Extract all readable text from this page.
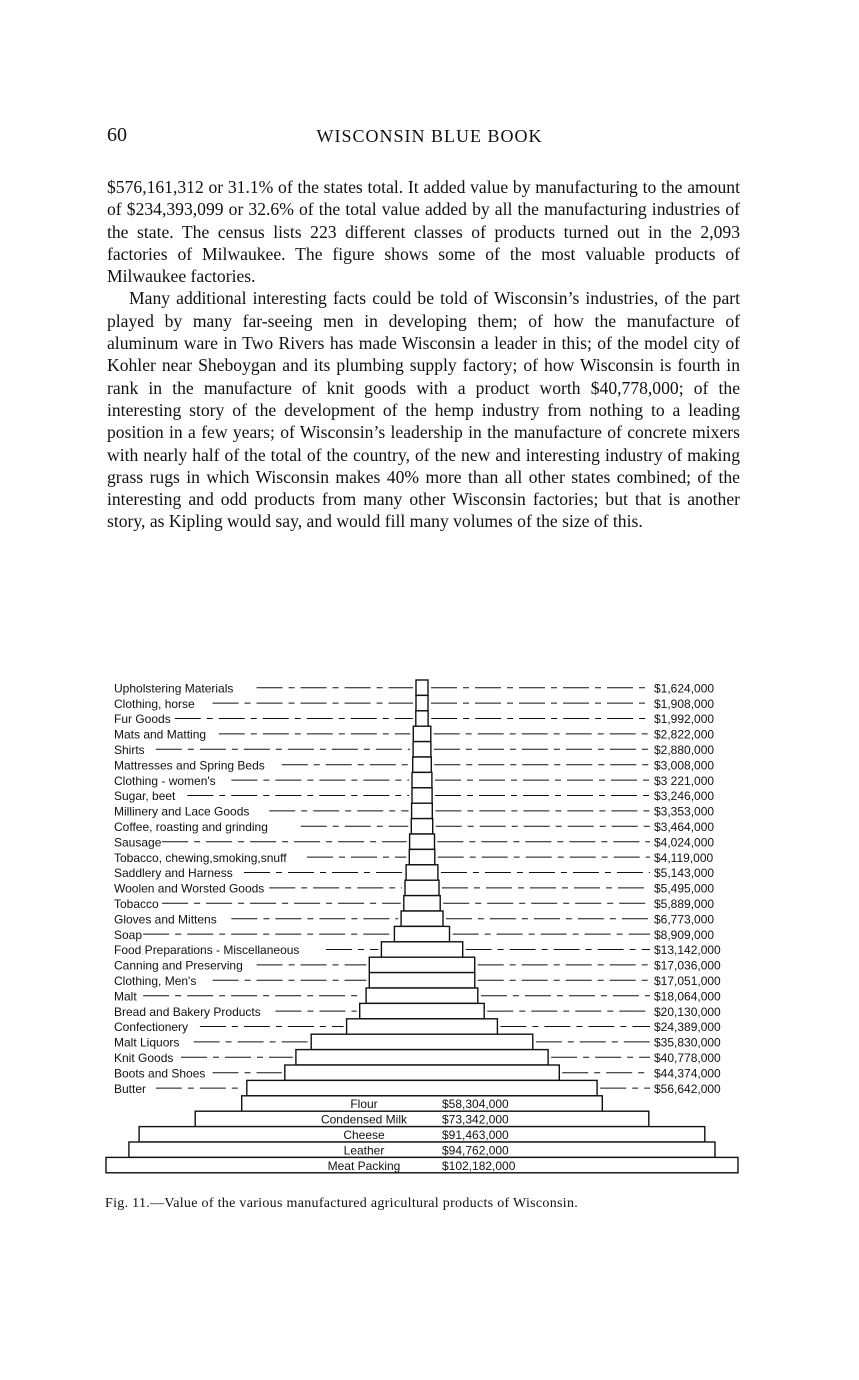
60	WISCONSIN BLUE BOOK

$576,161,312 or 31.1% of the states total. It added value by manufacturing to the amount of $234,393,099 or 32.6% of the total value added by all the manufacturing industries of the state. The census lists 223 different classes of products turned out in the 2,093 factories of Milwaukee. The figure shows some of the most valuable products of Milwaukee factories.

Many additional interesting facts could be told of Wisconsin’s industries, of the part played by many far-seeing men in developing them; of how the manufacture of aluminum ware in Two Rivers has made Wisconsin a leader in this; of the model city of Kohler near Sheboygan and its plumbing supply factory; of how Wisconsin is fourth in rank in the manufacture of knit goods with a product worth $40,778,000; of the interesting story of the development of the hemp industry from nothing to a leading position in a few years; of Wisconsin’s leadership in the manufacture of concrete mixers with nearly half of the total of the country, of the new and interesting industry of making grass rugs in which Wisconsin makes 40% more than all other states combined; of the interesting and odd products from many other Wisconsin factories; but that is another story, as Kipling would say, and would fill many volumes of the size of this.

Upholstering Materials	$1,624,000
Clothing, horse	$1,908,000
Fur Goods	$1,992,000
Mats and Matting	$2,822,000
Shirts	$2,880,000
Mattresses and Spring Beds	$3,008,000
Clothing - women's	$3 221,000
Sugar, beet	$3,246,000
Millinery and Lace Goods	$3,353,000
Coffee, roasting and grinding	$3,464,000
Sausage	$4,024,000
Tobacco, chewing,smoking,snuff	$4,119,000
Saddlery and Harness	$5,143,000
Woolen and Worsted Goods	$5,495,000
Tobacco	$5,889,000
Gloves and Mittens	$6,773,000
Soap	$8,909,000
Food Preparations - Miscellaneous	$13,142,000
Canning and Preserving	$17,036,000
Clothing, Men's	$17,051,000
Malt	$18,064,000
Bread and Bakery Products	$20,130,000
Confectionery	$24,389,000
Malt Liquors	$35,830,000
Knit Goods	$40,778,000
Boots and Shoes	$44,374,000
Butter	$56,642,000
Flour	$58,304,000
Condensed Milk	$73,342,000
Cheese	$91,463,000
Leather	$94,762,000
Meat Packing	$102,182,000
Fig. 11.—Value of the various manufactured agricultural products of Wisconsin.
